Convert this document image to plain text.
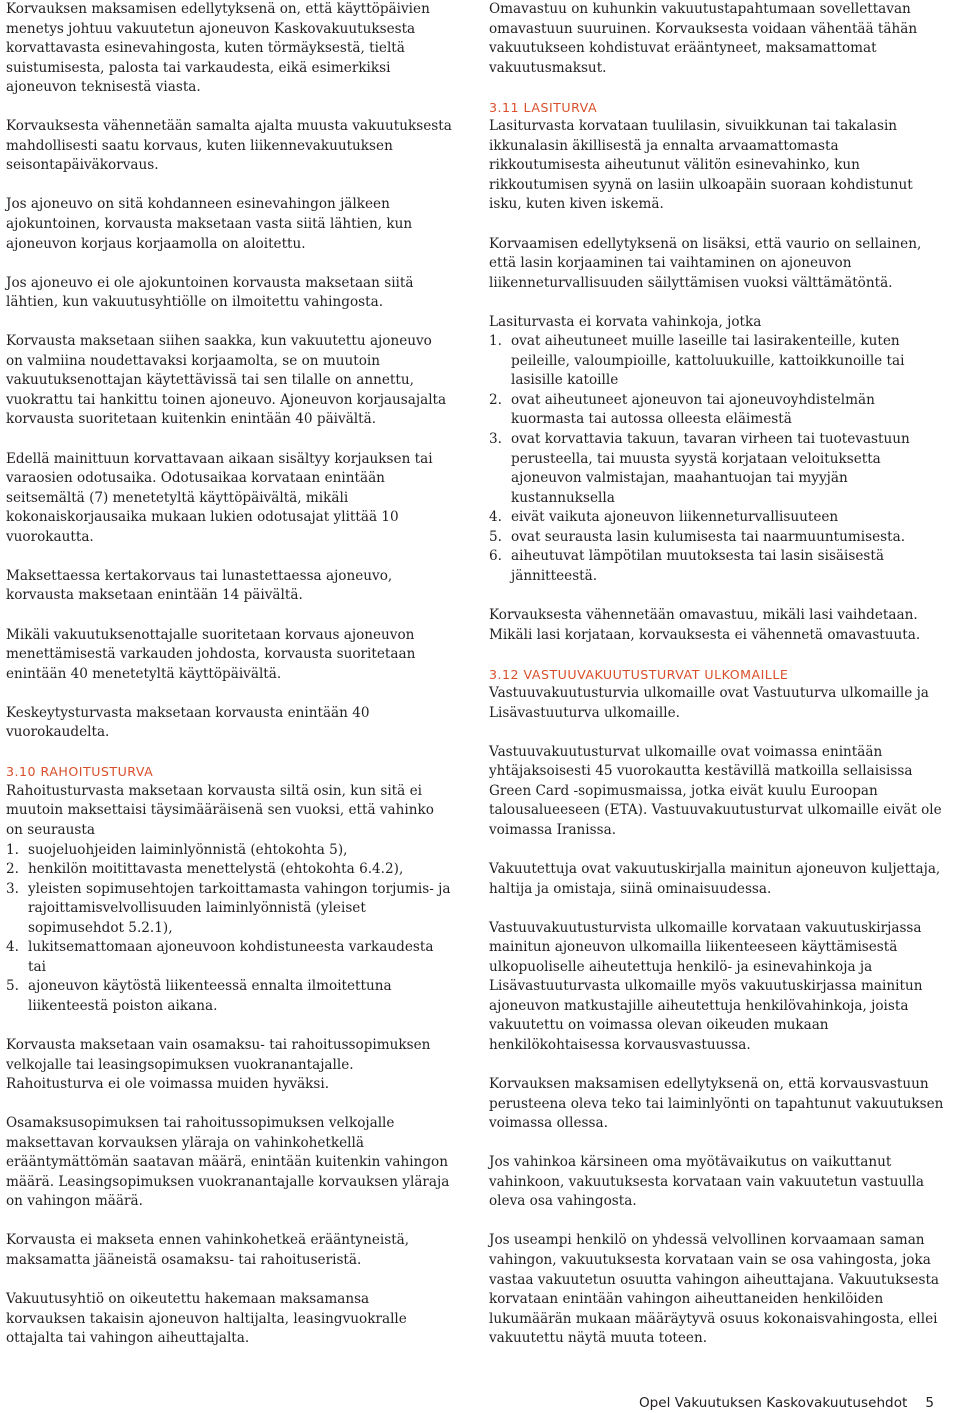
Korvauksen maksamisen edellytyksenä on, että käyttöpäivien menetys johtuu vakuutetun ajoneuvon Kaskovakuutuksesta korvattavasta esinevahingosta, kuten törmäyksestä, tieltä suistumisesta, palosta tai varkaudesta, eikä esimerkiksi ajoneuvon teknisestä viasta.

Korvauksesta vähennetään samalta ajalta muusta vakuutuksesta mahdollisesti saatu korvaus, kuten liikennevakuutuksen seisontapäiväkorvaus.

Jos ajoneuvo on sitä kohdanneen esinevahingon jälkeen ajokuntoinen, korvausta maksetaan vasta siitä lähtien, kun ajoneuvon korjaus korjaamolla on aloitettu.

Jos ajoneuvo ei ole ajokuntoinen korvausta maksetaan siitä lähtien, kun vakuutusyhtiölle on ilmoitettu vahingosta.

Korvausta maksetaan siihen saakka, kun vakuutettu ajoneuvo on valmiina noudettavaksi korjaamolta, se on muutoin vakuutuksenottajan käytettävissä tai sen tilalle on annettu, vuokrattu tai hankittu toinen ajoneuvo. Ajoneuvon korjausajalta korvausta suoritetaan kuitenkin enintään 40 päivältä.

Edellä mainittuun korvattavaan aikaan sisältyy korjauksen tai varaosien odotusaika. Odotusaikaa korvataan enintään seitsemältä (7) menetetyltä käyttöpäivältä, mikäli kokonaiskorjausaika mukaan lukien odotusajat ylittää 10 vuorokautta.

Maksettaessa kertakorvaus tai lunastettaessa ajoneuvo, korvausta maksetaan enintään 14 päivältä.

Mikäli vakuutuksenottajalle suoritetaan korvaus ajoneuvon menettämisestä varkauden johdosta, korvausta suoritetaan enintään 40 menetetyltä käyttöpäivältä.

Keskeytysturvasta maksetaan korvausta enintään 40 vuorokaudelta.

3.10 RAHOITUSTURVA

Rahoitusturvasta maksetaan korvausta siltä osin, kun sitä ei muutoin maksettaisi täysimääräisenä sen vuoksi, että vahinko on seurausta

1. suojeluohjeiden laiminlyönnistä (ehtokohta 5),
2. henkilön moitittavasta menettelystä (ehtokohta 6.4.2),
3. yleisten sopimusehtojen tarkoittamasta vahingon torjumis- ja rajoittamisvelvollisuuden laiminlyönnistä (yleiset sopimusehdot 5.2.1),
4. lukitsemattomaan ajoneuvoon kohdistuneesta varkaudesta tai
5. ajoneuvon käytöstä liikenteessä ennalta ilmoitettuna liikenteestä poiston aikana.

Korvausta maksetaan vain osamaksu- tai rahoitussopimuksen velkojalle tai leasingsopimuksen vuokranantajalle. Rahoitusturva ei ole voimassa muiden hyväksi.

Osamaksusopimuksen tai rahoitussopimuksen velkojalle maksettavan korvauksen yläraja on vahinkohetkellä erääntymättömän saatavan määrä, enintään kuitenkin vahingon määrä. Leasingsopimuksen vuokranantajalle korvauksen yläraja on vahingon määrä.

Korvausta ei makseta ennen vahinkohetkeä erääntyneistä, maksamatta jääneistä osamaksu- tai rahoituseristä.

Vakuutusyhtiö on oikeutettu hakemaan maksamansa korvauksen takaisin ajoneuvon haltijalta, leasingvuokralle ottajalta tai vahingon aiheuttajalta.

Omavastuu on kuhunkin vakuutustapahtumaan sovellettavan omavastuun suuruinen. Korvauksesta voidaan vähentää tähän vakuutukseen kohdistuvat erääntyneet, maksamattomat vakuutusmaksut.

3.11 LASITURVA

Lasiturvasta korvataan tuulilasin, sivuikkunan tai takalasin ikkunalasin äkillisestä ja ennalta arvaamattomasta rikkoutumisesta aiheutunut välitön esinevahinko, kun rikkoutumisen syynä on lasiin ulkoapäin suoraan kohdistunut isku, kuten kiven iskemä.

Korvaamisen edellytyksenä on lisäksi, että vaurio on sellainen, että lasin korjaaminen tai vaihtaminen on ajoneuvon liikenneturvallisuuden säilyttämisen vuoksi välttämätöntä.

Lasiturvasta ei korvata vahinkoja, jotka

1. ovat aiheutuneet muille laseille tai lasirakenteille, kuten peileille, valoumpioille, kattoluukuille, kattoikkunoille tai lasisille katoille
2. ovat aiheutuneet ajoneuvon tai ajoneuvoyhdistelmän kuormasta tai autossa olleesta eläimestä
3. ovat korvattavia takuun, tavaran virheen tai tuotevastuun perusteella, tai muusta syystä korjataan veloituksetta ajoneuvon valmistajan, maahantuojan tai myyjän kustannuksella
4. eivät vaikuta ajoneuvon liikenneturvallisuuteen
5. ovat seurausta lasin kulumisesta tai naarmuuntumisesta.
6. aiheutuvat lämpötilan muutoksesta tai lasin sisäisestä jännitteestä.

Korvauksesta vähennetään omavastuu, mikäli lasi vaihdetaan. Mikäli lasi korjataan, korvauksesta ei vähennetä omavastuuta.

3.12 VASTUUVAKUUTUSTURVAT ULKOMAILLE

Vastuuvakuutusturvia ulkomaille ovat Vastuuturva ulkomaille ja Lisävastuuturva ulkomaille.

Vastuuvakuutusturvat ulkomaille ovat voimassa enintään yhtäjaksoisesti 45 vuorokautta kestävillä matkoilla sellaisissa Green Card -sopimusmaissa, jotka eivät kuulu Euroopan talousalueeseen (ETA). Vastuuvakuutusturvat ulkomaille eivät ole voimassa Iranissa.

Vakuutettuja ovat vakuutuskirjalla mainitun ajoneuvon kuljettaja, haltija ja omistaja, siinä ominaisuudessa.

Vastuuvakuutusturvista ulkomaille korvataan vakuutuskirjassa mainitun ajoneuvon ulkomailla liikenteeseen käyttämisestä ulkopuoliselle aiheutettuja henkilö- ja esinevahinkoja ja Lisävastuuturvasta ulkomaille myös vakuutuskirjassa mainitun ajoneuvon matkustajille aiheutettuja henkilövahinkoja, joista vakuutettu on voimassa olevan oikeuden mukaan henkilökohtaisessa korvausvastuussa.

Korvauksen maksamisen edellytyksenä on, että korvausvastuun perusteena oleva teko tai laiminlyönti on tapahtunut vakuutuksen voimassa ollessa.

Jos vahinkoa kärsineen oma myötävaikutus on vaikuttanut vahinkoon, vakuutuksesta korvataan vain vakuutetun vastuulla oleva osa vahingosta.

Jos useampi henkilö on yhdessä velvollinen korvaamaan saman vahingon, vakuutuksesta korvataan vain se osa vahingosta, joka vastaa vakuutetun osuutta vahingon aiheuttajana. Vakuutuksesta korvataan enintään vahingon aiheuttaneiden henkilöiden lukumäärän mukaan määräytyvä osuus kokonaisvahingosta, ellei vakuutettu näytä muuta toteen.

Opel Vakuutuksen Kaskovakuutusehdot 5
